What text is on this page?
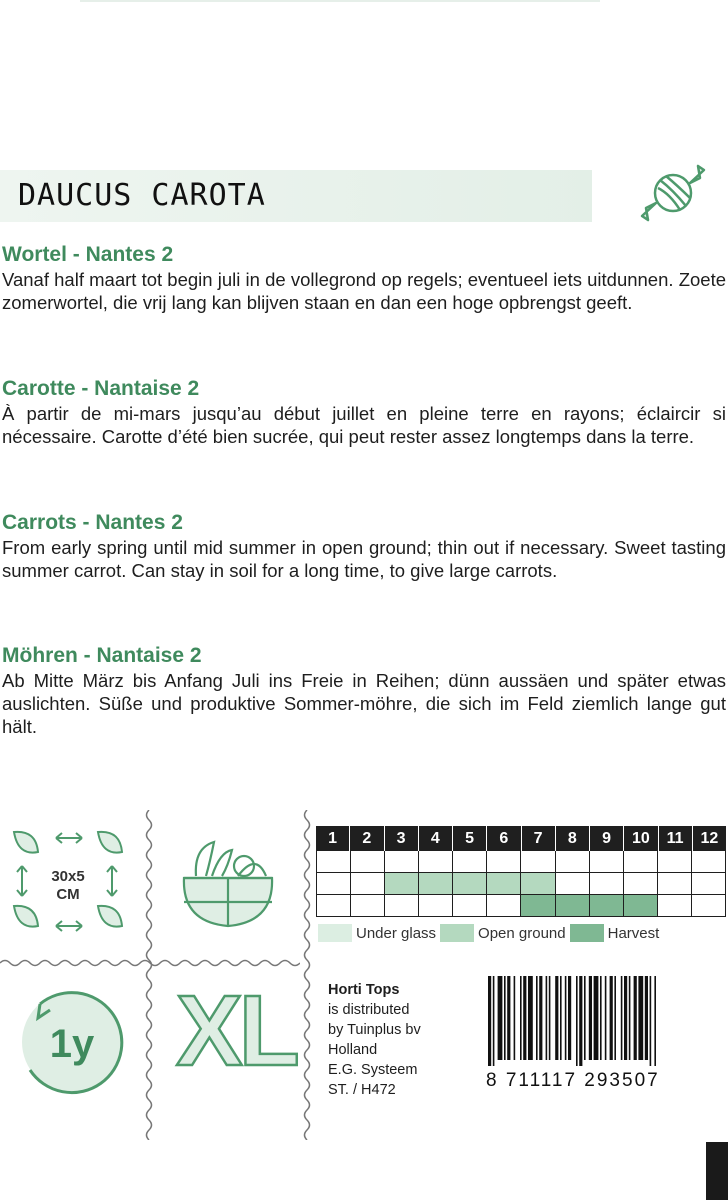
DAUCUS CAROTA
Wortel - Nantes 2
Vanaf half maart tot begin juli in de vollegrond op regels; eventueel iets uitdunnen. Zoete zomerwortel, die vrij lang kan blijven staan en dan een hoge opbrengst geeft.
Carotte - Nantaise 2
À partir de mi-mars jusqu’au début juillet en pleine terre en rayons; éclaircir si nécessaire. Carotte d’été bien sucrée, qui peut rester assez longtemps dans la terre.
Carrots - Nantes 2
From early spring until mid summer in open ground; thin out if necessary. Sweet tasting summer carrot. Can stay in soil for a long time, to give large carrots.
Möhren - Nantaise 2
Ab Mitte März bis Anfang Juli ins Freie in Reihen; dünn aussäen und später etwas auslichten. Süße und produktive Sommer-möhre, die sich im Feld ziemlich lange gut hält.
30x5
CM
1y XL
1	2	3	4	5	6	7	8	9	10	11	12
Under glass	Open ground	Harvest
Horti Tops
is distributed
by Tuinplus bv
Holland
E.G. Systeem
ST. / H472	8 711117 293507
